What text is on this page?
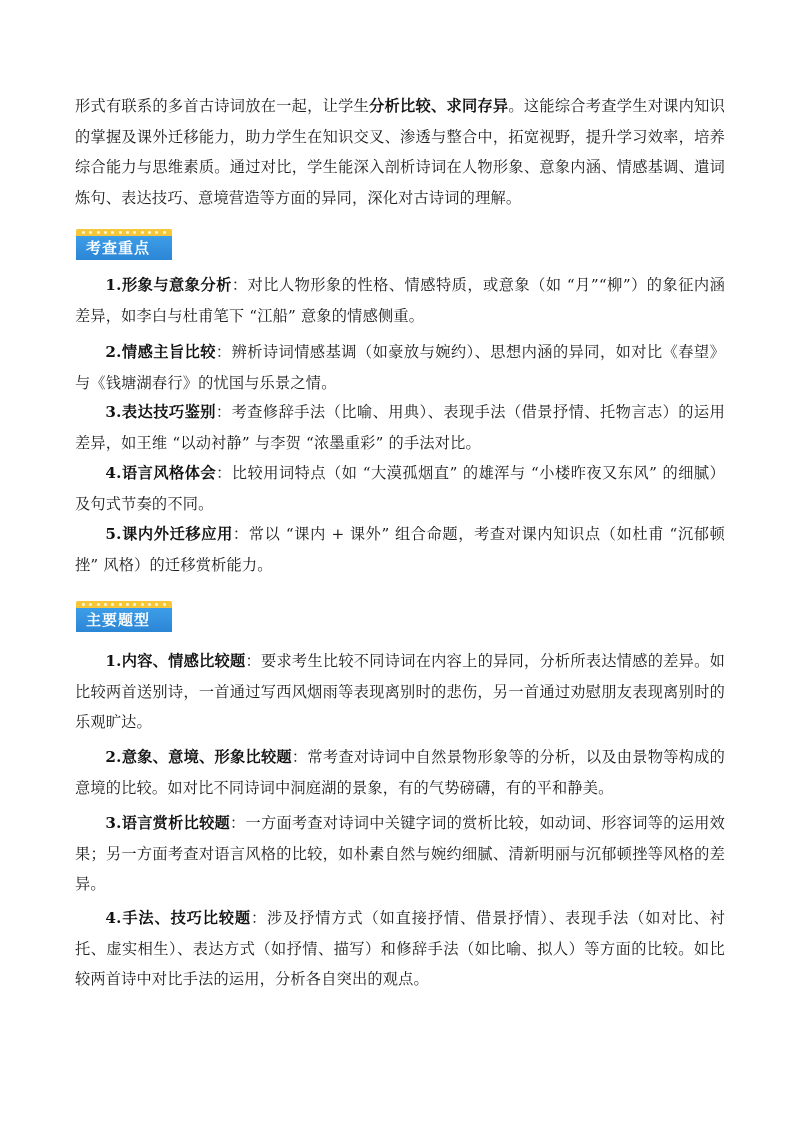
形式有联系的多首古诗词放在一起，让学生分析比较、求同存异。这能综合考查学生对课内知识的掌握及课外迁移能力，助力学生在知识交叉、渗透与整合中，拓宽视野，提升学习效率，培养综合能力与思维素质。通过对比，学生能深入剖析诗词在人物形象、意象内涵、情感基调、遣词炼句、表达技巧、意境营造等方面的异同，深化对古诗词的理解。

考查重点

1.形象与意象分析：对比人物形象的性格、情感特质，或意象（如 “月”“柳”）的象征内涵差异，如李白与杜甫笔下 “江船” 意象的情感侧重。

2.情感主旨比较：辨析诗词情感基调（如豪放与婉约）、思想内涵的异同，如对比《春望》与《钱塘湖春行》的忧国与乐景之情。

3.表达技巧鉴别：考查修辞手法（比喻、用典）、表现手法（借景抒情、托物言志）的运用差异，如王维 “以动衬静” 与李贺 “浓墨重彩” 的手法对比。

4.语言风格体会：比较用词特点（如 “大漠孤烟直” 的雄浑与 “小楼昨夜又东风” 的细腻）及句式节奏的不同。

5.课内外迁移应用：常以 “课内 + 课外” 组合命题，考查对课内知识点（如杜甫 “沉郁顿挫” 风格）的迁移赏析能力。

主要题型

1.内容、情感比较题：要求考生比较不同诗词在内容上的异同，分析所表达情感的差异。如比较两首送别诗，一首通过写西风烟雨等表现离别时的悲伤，另一首通过劝慰朋友表现离别时的乐观旷达。

2.意象、意境、形象比较题：常考查对诗词中自然景物形象等的分析，以及由景物等构成的意境的比较。如对比不同诗词中洞庭湖的景象，有的气势磅礴，有的平和静美。

3.语言赏析比较题：一方面考查对诗词中关键字词的赏析比较，如动词、形容词等的运用效果；另一方面考查对语言风格的比较，如朴素自然与婉约细腻、清新明丽与沉郁顿挫等风格的差异。

4.手法、技巧比较题：涉及抒情方式（如直接抒情、借景抒情）、表现手法（如对比、衬托、虚实相生）、表达方式（如抒情、描写）和修辞手法（如比喻、拟人）等方面的比较。如比较两首诗中对比手法的运用，分析各自突出的观点。
